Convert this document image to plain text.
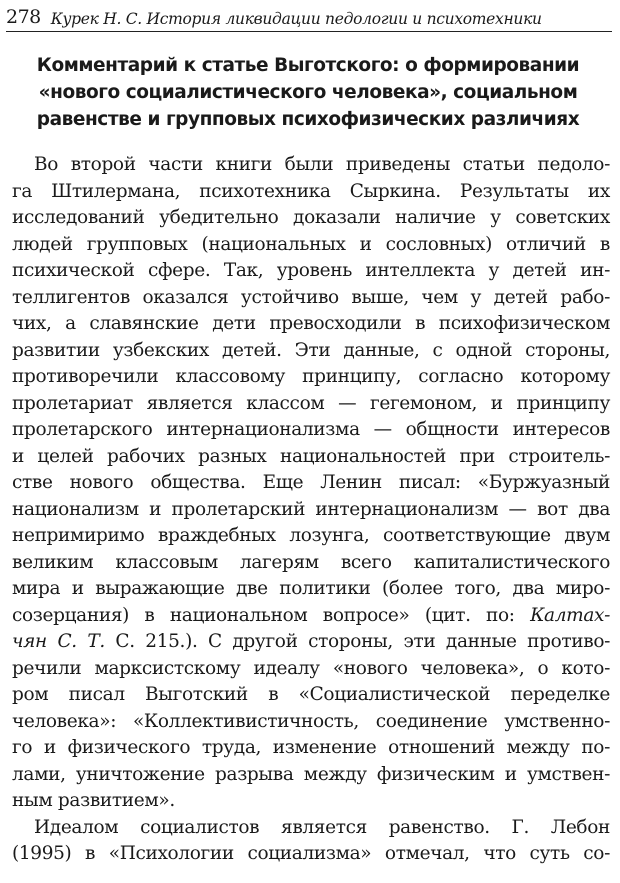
278 Курек Н. С. История ликвидации педологии и психотехники
Комментарий к статье Выготского: о формировании
«нового социалистического человека», социальном
равенстве и групповых психофизических различиях
Во второй части книги были приведены статьи педоло-
га Штилермана, психотехника Сыркина. Результаты их
исследований убедительно доказали наличие у советских
людей групповых (национальных и сословных) отличий в
психической сфере. Так, уровень интеллекта у детей ин-
теллигентов оказался устойчиво выше, чем у детей рабо-
чих, а славянские дети превосходили в психофизическом
развитии узбекских детей. Эти данные, с одной стороны,
противоречили классовому принципу, согласно которому
пролетариат является классом — гегемоном, и принципу
пролетарского интернационализма — общности интересов
и целей рабочих разных национальностей при строитель-
стве нового общества. Еще Ленин писал: «Буржуазный
национализм и пролетарский интернационализм — вот два
непримиримо враждебных лозунга, соответствующие двум
великим классовым лагерям всего капиталистического
мира и выражающие две политики (более того, два миро-
созерцания) в национальном вопросе» (цит. по: Калтах-
чян С. Т. С. 215.). С другой стороны, эти данные противо-
речили марксистскому идеалу «нового человека», о кото-
ром писал Выготский в «Социалистической переделке
человека»: «Коллективистичность, соединение умственно-
го и физического труда, изменение отношений между по-
лами, уничтожение разрыва между физическим и умствен-
ным развитием».
Идеалом социалистов является равенство. Г. Лебон
(1995) в «Психологии социализма» отмечал, что суть со-
